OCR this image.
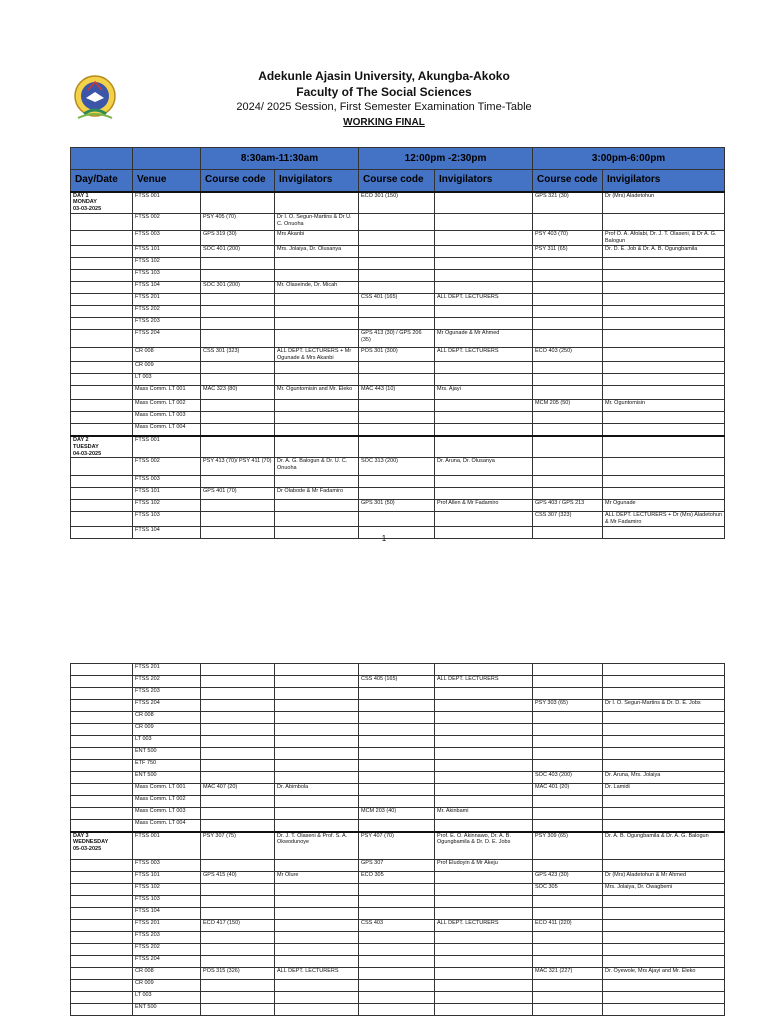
Adekunle Ajasin University, Akungba-Akoko

Faculty of The Social Sciences

2024/ 2025 Session, First Semester Examination Time-Table

WORKING FINAL

		8:30am-11:30am		12:00pm -2:30pm		3:00pm-6:00pm	
Day/Date	Venue	Course code	Invigilators	Course code	Invigilators	Course code	Invigilators
DAY 1
MONDAY
03-03-2025	FTSS 001			ECO 301 (150)		GPS 321 (30)	Dr (Mrs) Aladetohun
	FTSS 002	PSY 405 (70)	Dr I. O. Segun-Martins & Dr U. C. Onuoha				
	FTSS 003	GPS 319 (30)	Mrs Akanbi			PSY 403 (70)	Prof O. A. Afolabi, Dr. J. T. Olaseni, & Dr A. G. Balogun
	FTSS 101	SOC 401 (200)	Mrs. Jolaiya, Dr. Olusanya			PSY 311 (65)	Dr. D. E. Job & Dr. A. B. Ogungbamila
	FTSS 102						
	FTSS 103						
	FTSS 104	SOC 301 (200)	Mr. Olaseinde, Dr. Micah				
	FTSS 201			CSS 401 (165)	ALL DEPT. LECTURERS		
	FTSS 202						
	FTSS 203						
	FTSS 204			GPS 413 (30) / GPS 206 (35)	Mr Ogunade & Mr Ahmed		
	CR 008	CSS 301 (323)	ALL DEPT. LECTURERS + Mr Ogunade & Mrs Akanbi	POS 301 (300)	ALL DEPT. LECTURERS	ECO 403 (250)	
	CR 009						
	LT 003						
	Mass Comm. LT 001	MAC 323 (80)	Mr. Oguntomisin and Mr. Eleko	MAC 443 (10)	Mrs. Ajayi		
	Mass Comm. LT 002					MCM 205 (50)	Mr. Oguntomisin
	Mass Comm. LT 003						
	Mass Comm. LT 004						
DAY 2
TUESDAY
04-03-2025	FTSS 001						
	FTSS 002	PSY 413 (70)/ PSY 411 (70)	Dr. A. G. Balogun & Dr. U. C. Onuoha	SOC 313 (200)	Dr. Aruna, Dr. Olusanya		
	FTSS 003						
	FTSS 101	GPS 401 (70)	Dr Olabode & Mr Fadamiro				
	FTSS 102			GPS 301 (50)	Prof Allen & Mr Fadamiro	GPS 403 / GPS 213	Mr Ogunade
	FTSS 103					CSS 307 (323)	ALL DEPT. LECTURERS + Dr (Mrs) Aladetohun & Mr Fadamiro
	FTSS 104						
1
	FTSS 201						
	FTSS 202			CSS 405 (165)	ALL DEPT. LECTURERS		
	FTSS 203						
	FTSS 204					PSY 303 (65)	Dr I. O. Segun-Martins & Dr. D. E. Jobs
	CR 008						
	CR 009						
	LT 003						
	ENT 500						
	ETF 750						
	ENT 500					SOC 403 (200)	Dr. Aruna, Mrs. Jolaiya
	Mass Comm. LT 001	MAC 407 (20)	Dr. Abimbola			MAC 401 (20)	Dr. Lamidi
	Mass Comm. LT 002						
	Mass Comm. LT 003			MCM 203 (40)	Mr. Akinbami		
	Mass Comm. LT 004						
DAY 3
WEDNESDAY
05-03-2025	FTSS 001	PSY 307 (75)	Dr. J. T. Olaseni & Prof. S. A. Okwodunoye	PSY 407 (70)	Prof. E. O. Akinnawo, Dr. A. B. Ogungbamila & Dr. D. E. Jobs	PSY 309 (65)	Dr. A. B. Ogungbamila & Dr. A. G. Balogun
	FTSS 003			GPS 307	Prof Eludoyin & Mr Akeju		
	FTSS 101	GPS 415 (40)	Mr Olure	ECO 305		GPS 423 (30)	Dr (Mrs) Aladetohun & Mr Ahmed
	FTSS 102					SOC 305	Mrs. Jolaiya, Dr. Owagbemi
	FTSS 103						
	FTSS 104						
	FTSS 201	ECO 417 (150)		CSS 403	ALL DEPT. LECTURERS	ECO 411 (220)	
	FTSS 203						
	FTSS 202						
	FTSS 204						
	CR 008	POS 315 (326)	ALL DEPT. LECTURERS			MAC 321 (227)	Dr. Oyewole, Mrs Ajayi and Mr. Eleko
	CR 009						
	LT 003						
	ENT 500						
